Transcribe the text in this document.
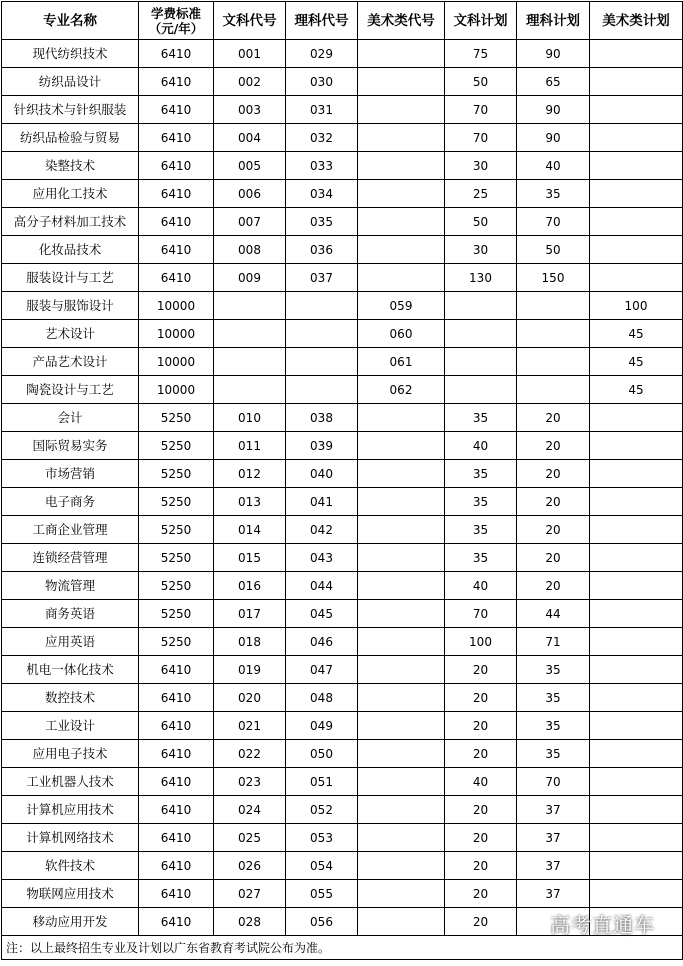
专业名称	学费标准（元/年）	文科代号	理科代号	美术类代号	文科计划	理科计划	美术类计划
现代纺织技术	6410	001	029		75	90	
纺织品设计	6410	002	030		50	65	
针织技术与针织服装	6410	003	031		70	90	
纺织品检验与贸易	6410	004	032		70	90	
染整技术	6410	005	033		30	40	
应用化工技术	6410	006	034		25	35	
高分子材料加工技术	6410	007	035		50	70	
化妆品技术	6410	008	036		30	50	
服装设计与工艺	6410	009	037		130	150	
服装与服饰设计	10000			059			100
艺术设计	10000			060			45
产品艺术设计	10000			061			45
陶瓷设计与工艺	10000			062			45
会计	5250	010	038		35	20	
国际贸易实务	5250	011	039		40	20	
市场营销	5250	012	040		35	20	
电子商务	5250	013	041		35	20	
工商企业管理	5250	014	042		35	20	
连锁经营管理	5250	015	043		35	20	
物流管理	5250	016	044		40	20	
商务英语	5250	017	045		70	44	
应用英语	5250	018	046		100	71	
机电一体化技术	6410	019	047		20	35	
数控技术	6410	020	048		20	35	
工业设计	6410	021	049		20	35	
应用电子技术	6410	022	050		20	35	
工业机器人技术	6410	023	051		40	70	
计算机应用技术	6410	024	052		20	37	
计算机网络技术	6410	025	053		20	37	
软件技术	6410	026	054		20	37	
物联网应用技术	6410	027	055		20	37	
移动应用开发	6410	028	056		20		
注：以上最终招生专业及计划以广东省教育考试院公布为准。							
高考直通车
